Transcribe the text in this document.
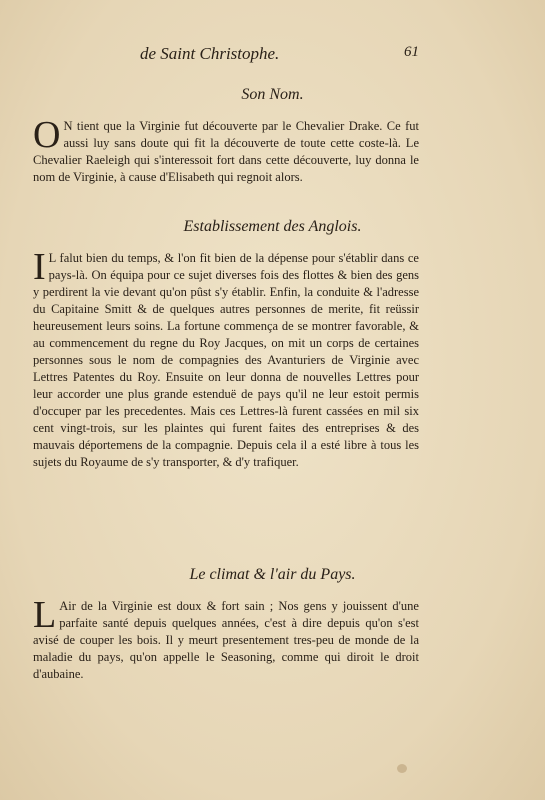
de Saint Christophe.	61
Son Nom.
O N tient que la Virginie fut découverte par le Chevalier Drake. Ce fut aussi luy sans doute qui fit la découverte de toute cette coste-là. Le Chevalier Raeleigh qui s'interessoit fort dans cette découverte, luy donna le nom de Virginie, à cause d'Elisabeth qui regnoit alors.
Establissement des Anglois.
I L falut bien du temps, & l'on fit bien de la dépense pour s'établir dans ce pays-là. On équipa pour ce sujet diverses fois des flottes & bien des gens y perdirent la vie devant qu'on pûst s'y établir. Enfin, la conduite & l'adresse du Capitaine Smitt & de quelques autres personnes de merite, fit reüssir heureusement leurs soins. La fortune commença de se montrer favorable, & au commencement du regne du Roy Jacques, on mit un corps de certaines personnes sous le nom de compagnies des Avanturiers de Virginie avec Lettres Patentes du Roy. Ensuite on leur donna de nouvelles Lettres pour leur accorder une plus grande estenduë de pays qu'il ne leur estoit permis d'occuper par les precedentes. Mais ces Lettres-là furent cassées en mil six cent vingt-trois, sur les plaintes qui furent faites des entreprises & des mauvais déportemens de la compagnie. Depuis cela il a esté libre à tous les sujets du Royaume de s'y transporter, & d'y trafiquer.
Le climat & l'air du Pays.
L Air de la Virginie est doux & fort sain ; Nos gens y jouissent d'une parfaite santé depuis quelques années, c'est à dire depuis qu'on s'est avisé de couper les bois. Il y meurt presentement tres-peu de monde de la maladie du pays, qu'on appelle le Seasoning, comme qui diroit le droit d'aubaine.
